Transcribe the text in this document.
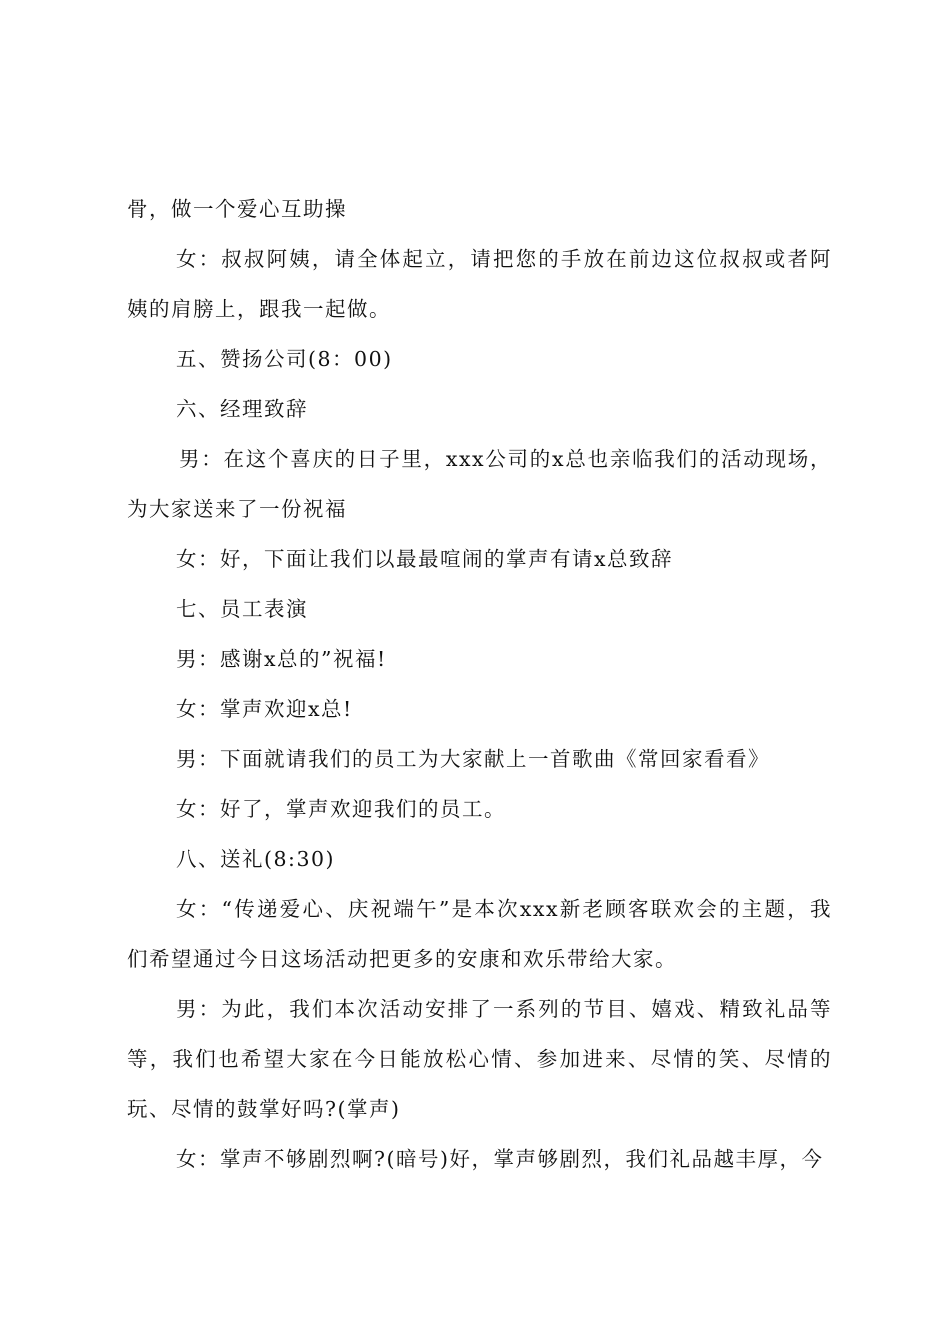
骨，做一个爱心互助操

女：叔叔阿姨，请全体起立，请把您的手放在前边这位叔叔或者阿姨的肩膀上，跟我一起做。

五、赞扬公司(8：00)

六、经理致辞

男：在这个喜庆的日子里，xxx公司的x总也亲临我们的活动现场，为大家送来了一份祝福

女：好，下面让我们以最最喧闹的掌声有请x总致辞

七、员工表演

男：感谢x总的”祝福!

女：掌声欢迎x总!

男：下面就请我们的员工为大家献上一首歌曲《常回家看看》

女：好了，掌声欢迎我们的员工。

八、送礼(8:30)

女：“传递爱心、庆祝端午”是本次xxx新老顾客联欢会的主题，我们希望通过今日这场活动把更多的安康和欢乐带给大家。

男：为此，我们本次活动安排了一系列的节目、嬉戏、精致礼品等等，我们也希望大家在今日能放松心情、参加进来、尽情的笑、尽情的玩、尽情的鼓掌好吗?(掌声)

女：掌声不够剧烈啊?(暗号)好，掌声够剧烈，我们礼品越丰厚，今
